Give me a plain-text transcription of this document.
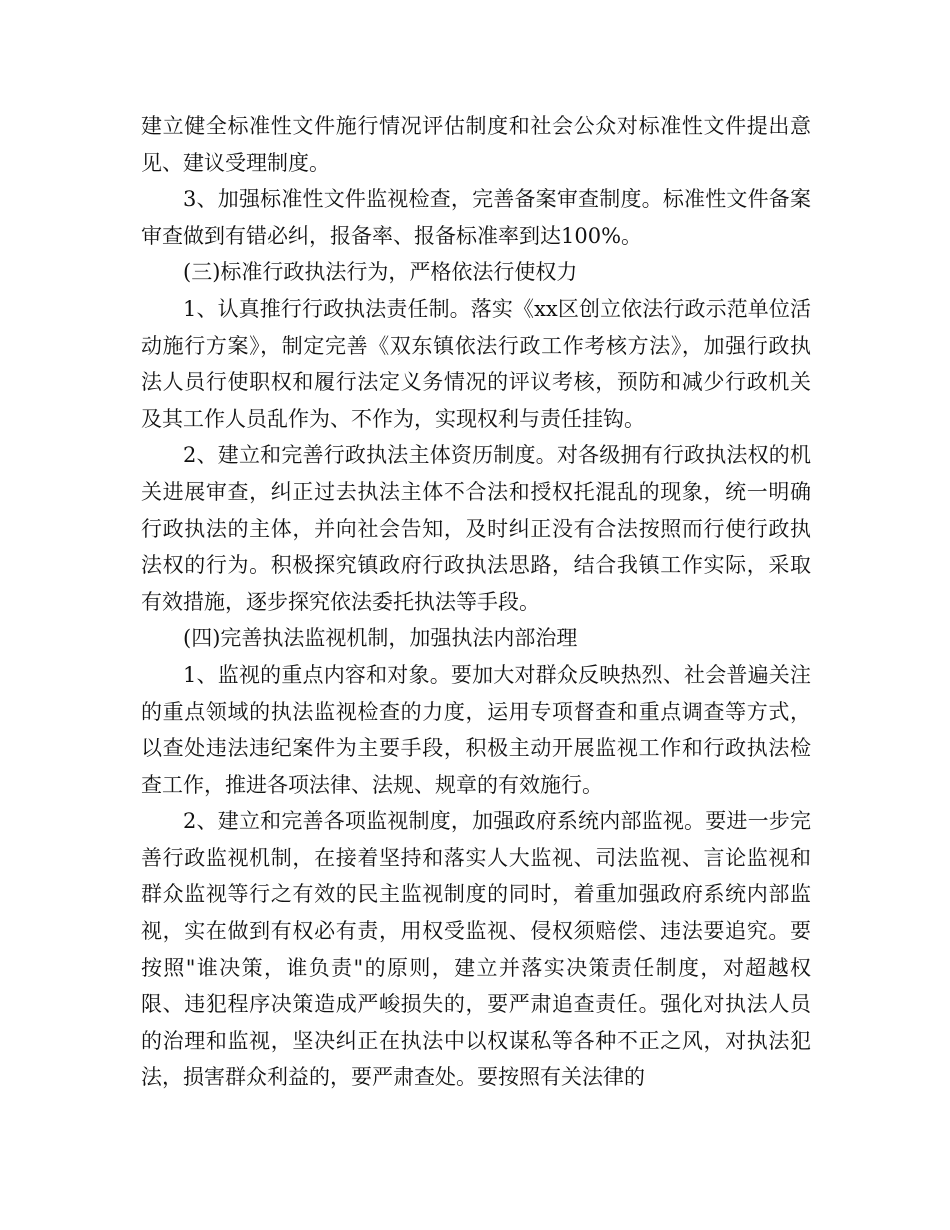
建立健全标准性文件施行情况评估制度和社会公众对标准性文件提出意见、建议受理制度。

3、加强标准性文件监视检查，完善备案审查制度。标准性文件备案审查做到有错必纠，报备率、报备标准率到达100%。

(三)标准行政执法行为，严格依法行使权力

1、认真推行行政执法责任制。落实《xx区创立依法行政示范单位活动施行方案》，制定完善《双东镇依法行政工作考核方法》，加强行政执法人员行使职权和履行法定义务情况的评议考核，预防和减少行政机关及其工作人员乱作为、不作为，实现权利与责任挂钩。

2、建立和完善行政执法主体资历制度。对各级拥有行政执法权的机关进展审查，纠正过去执法主体不合法和授权托混乱的现象，统一明确行政执法的主体，并向社会告知，及时纠正没有合法按照而行使行政执法权的行为。积极探究镇政府行政执法思路，结合我镇工作实际，采取有效措施，逐步探究依法委托执法等手段。

(四)完善执法监视机制，加强执法内部治理

1、监视的重点内容和对象。要加大对群众反映热烈、社会普遍关注的重点领域的执法监视检查的力度，运用专项督查和重点调查等方式，以查处违法违纪案件为主要手段，积极主动开展监视工作和行政执法检查工作，推进各项法律、法规、规章的有效施行。

2、建立和完善各项监视制度，加强政府系统内部监视。要进一步完善行政监视机制，在接着坚持和落实人大监视、司法监视、言论监视和群众监视等行之有效的民主监视制度的同时，着重加强政府系统内部监视，实在做到有权必有责，用权受监视、侵权须赔偿、违法要追究。要按照"谁决策，谁负责"的原则，建立并落实决策责任制度，对超越权限、违犯程序决策造成严峻损失的，要严肃追查责任。强化对执法人员的治理和监视，坚决纠正在执法中以权谋私等各种不正之风，对执法犯法，损害群众利益的，要严肃查处。要按照有关法律的
